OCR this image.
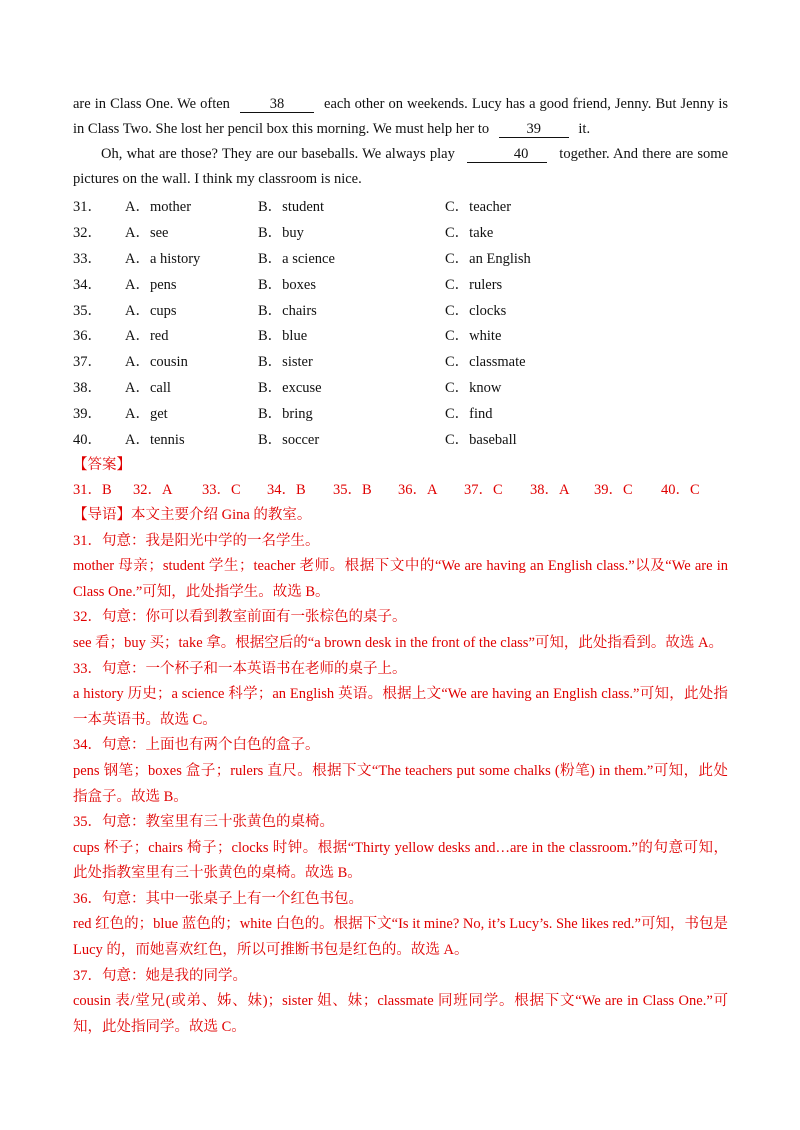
are in Class One. We often	38	each other on weekends. Lucy has a good friend, Jenny. But Jenny is in Class Two. She lost her pencil box this morning. We must help her to	39	it.
Oh, what are those? They are our baseballs. We always play	40 together. And there are some pictures on the wall. I think my classroom is nice.
31．	A．mother	B．student	C．teacher
32．	A．see	B．buy	C．take
33．	A．a history	B．a science	C．an English
34．	A．pens	B．boxes	C．rulers
35．	A．cups	B．chairs	C．clocks
36．	A．red	B．blue	C．white
37．	A．cousin	B．sister	C．classmate
38．	A．call	B．excuse	C．know
39．	A．get	B．bring	C．find
40．	A．tennis	B．soccer	C．baseball
【答案】
31．B	32．A	33．C	34．B	35．B	36．A	37．C	38．A	39．C	40．C
【导语】本文主要介绍 Gina 的教室。
31．句意：我是阳光中学的一名学生。
mother 母亲；student 学生；teacher 老师。根据下文中的“We are having an English class.”以及“We are in Class One.”可知，此处指学生。故选 B。
32．句意：你可以看到教室前面有一张棕色的桌子。
see 看；buy 买；take 拿。根据空后的“a brown desk in the front of the class”可知，此处指看到。故选 A。
33．句意：一个杯子和一本英语书在老师的桌子上。
a history 历史；a science 科学；an English 英语。根据上文“We are having an English class.”可知，此处指一本英语书。故选 C。
34．句意：上面也有两个白色的盒子。
pens 钢笔；boxes 盒子；rulers 直尺。根据下文“The teachers put some chalks (粉笔) in them.”可知，此处指盒子。故选 B。
35．句意：教室里有三十张黄色的桌椅。
cups 杯子；chairs 椅子；clocks 时钟。根据“Thirty yellow desks and…are in the classroom.”的句意可知，此处指教室里有三十张黄色的桌椅。故选 B。
36．句意：其中一张桌子上有一个红色书包。
red 红色的；blue 蓝色的；white 白色的。根据下文“Is it mine? No, it’s Lucy’s. She likes red.”可知，书包是 Lucy 的，而她喜欢红色，所以可推断书包是红色的。故选 A。
37．句意：她是我的同学。
cousin 表/堂兄(或弟、姊、妹)；sister 姐、妹；classmate 同班同学。根据下文“We are in Class One.”可知，此处指同学。故选 C。
